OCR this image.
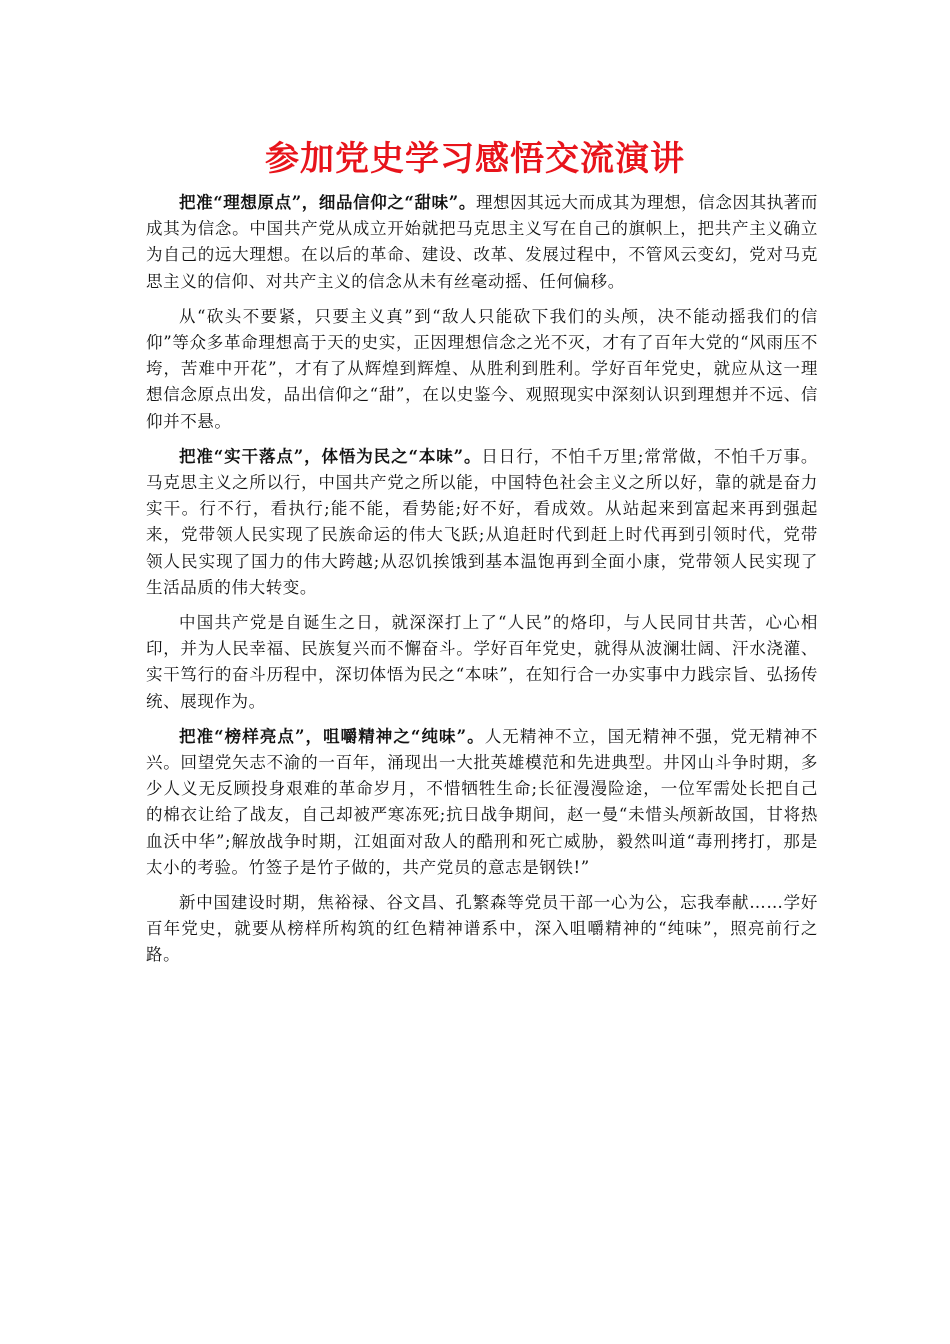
参加党史学习感悟交流演讲

把准“理想原点”，细品信仰之“甜味”。理想因其远大而成其为理想，信念因其执著而成其为信念。中国共产党从成立开始就把马克思主义写在自己的旗帜上，把共产主义确立为自己的远大理想。在以后的革命、建设、改革、发展过程中，不管风云变幻，党对马克思主义的信仰、对共产主义的信念从未有丝毫动摇、任何偏移。

从“砍头不要紧，只要主义真”到“敌人只能砍下我们的头颅，决不能动摇我们的信仰”等众多革命理想高于天的史实，正因理想信念之光不灭，才有了百年大党的“风雨压不垮，苦难中开花”，才有了从辉煌到辉煌、从胜利到胜利。学好百年党史，就应从这一理想信念原点出发，品出信仰之“甜”，在以史鉴今、观照现实中深刻认识到理想并不远、信仰并不悬。

把准“实干落点”，体悟为民之“本味”。日日行，不怕千万里;常常做，不怕千万事。马克思主义之所以行，中国共产党之所以能，中国特色社会主义之所以好，靠的就是奋力实干。行不行，看执行;能不能，看势能;好不好，看成效。从站起来到富起来再到强起来，党带领人民实现了民族命运的伟大飞跃;从追赶时代到赶上时代再到引领时代，党带领人民实现了国力的伟大跨越;从忍饥挨饿到基本温饱再到全面小康，党带领人民实现了生活品质的伟大转变。

中国共产党是自诞生之日，就深深打上了“人民”的烙印，与人民同甘共苦，心心相印，并为人民幸福、民族复兴而不懈奋斗。学好百年党史，就得从波澜壮阔、汗水浇灌、实干笃行的奋斗历程中，深切体悟为民之“本味”，在知行合一办实事中力践宗旨、弘扬传统、展现作为。

把准“榜样亮点”，咀嚼精神之“纯味”。人无精神不立，国无精神不强，党无精神不兴。回望党矢志不渝的一百年，涌现出一大批英雄模范和先进典型。井冈山斗争时期，多少人义无反顾投身艰难的革命岁月，不惜牺牲生命;长征漫漫险途，一位军需处长把自己的棉衣让给了战友，自己却被严寒冻死;抗日战争期间，赵一曼“未惜头颅新故国，甘将热血沃中华”;解放战争时期，江姐面对敌人的酷刑和死亡威胁，毅然叫道“毒刑拷打，那是太小的考验。竹签子是竹子做的，共产党员的意志是钢铁!”

新中国建设时期，焦裕禄、谷文昌、孔繁森等党员干部一心为公，忘我奉献……学好百年党史，就要从榜样所构筑的红色精神谱系中，深入咀嚼精神的“纯味”，照亮前行之路。
